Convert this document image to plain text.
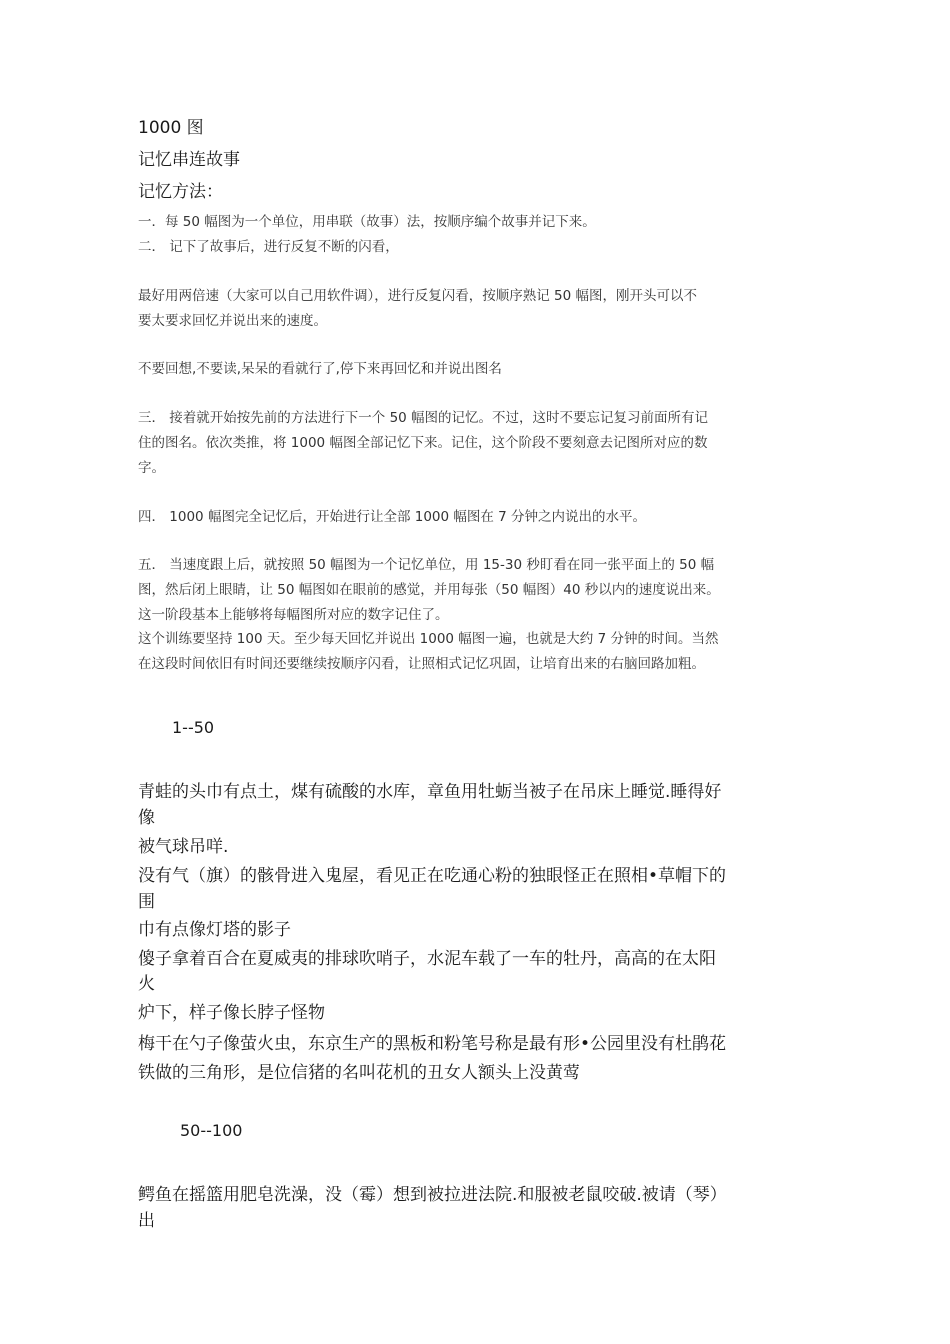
1000 图

记忆串连故事

记忆方法：

一．每 50 幅图为一个单位，用串联（故事）法，按顺序编个故事并记下来。

二． 记下了故事后，进行反复不断的闪看，

最好用两倍速（大家可以自己用软件调），进行反复闪看，按顺序熟记 50 幅图，刚开头可以不

要太要求回忆并说出来的速度。

不要回想,不要读,呆呆的看就行了,停下来再回忆和并说出图名

三． 接着就开始按先前的方法进行下一个 50 幅图的记忆。不过，这时不要忘记复习前面所有记

住的图名。依次类推，将 1000 幅图全部记忆下来。记住，这个阶段不要刻意去记图所对应的数

字。

四． 1000 幅图完全记忆后，开始进行让全部 1000 幅图在 7 分钟之内说出的水平。

五． 当速度跟上后，就按照 50 幅图为一个记忆单位，用 15-30 秒盯看在同一张平面上的 50 幅

图，然后闭上眼睛，让 50 幅图如在眼前的感觉，并用每张（50 幅图）40 秒以内的速度说出来。

这一阶段基本上能够将每幅图所对应的数字记住了。

这个训练要坚持 100 天。至少每天回忆并说出 1000 幅图一遍，也就是大约 7 分钟的时间。当然

在这段时间依旧有时间还要继续按顺序闪看，让照相式记忆巩固，让培育出来的右脑回路加粗。

1--50

青蛙的头巾有点土，煤有硫酸的水库，章鱼用牡蛎当被子在吊床上睡觉.睡得好

像

被气球吊咩.

没有气（旗）的骸骨进入鬼屋，看见正在吃通心粉的独眼怪正在照相•草帽下的

围

巾有点像灯塔的影子

傻子拿着百合在夏威夷的排球吹哨子，水泥车载了一车的牡丹，高高的在太阳

火

炉下，样子像长脖子怪物

梅干在勺子像萤火虫，东京生产的黑板和粉笔号称是最有形•公园里没有杜鹃花

铁做的三角形，是位信猪的名叫花机的丑女人额头上没黄莺

50--100

鳄鱼在摇篮用肥皂洗澡，没（霉）想到被拉进法院.和服被老鼠咬破.被请（琴）

出
